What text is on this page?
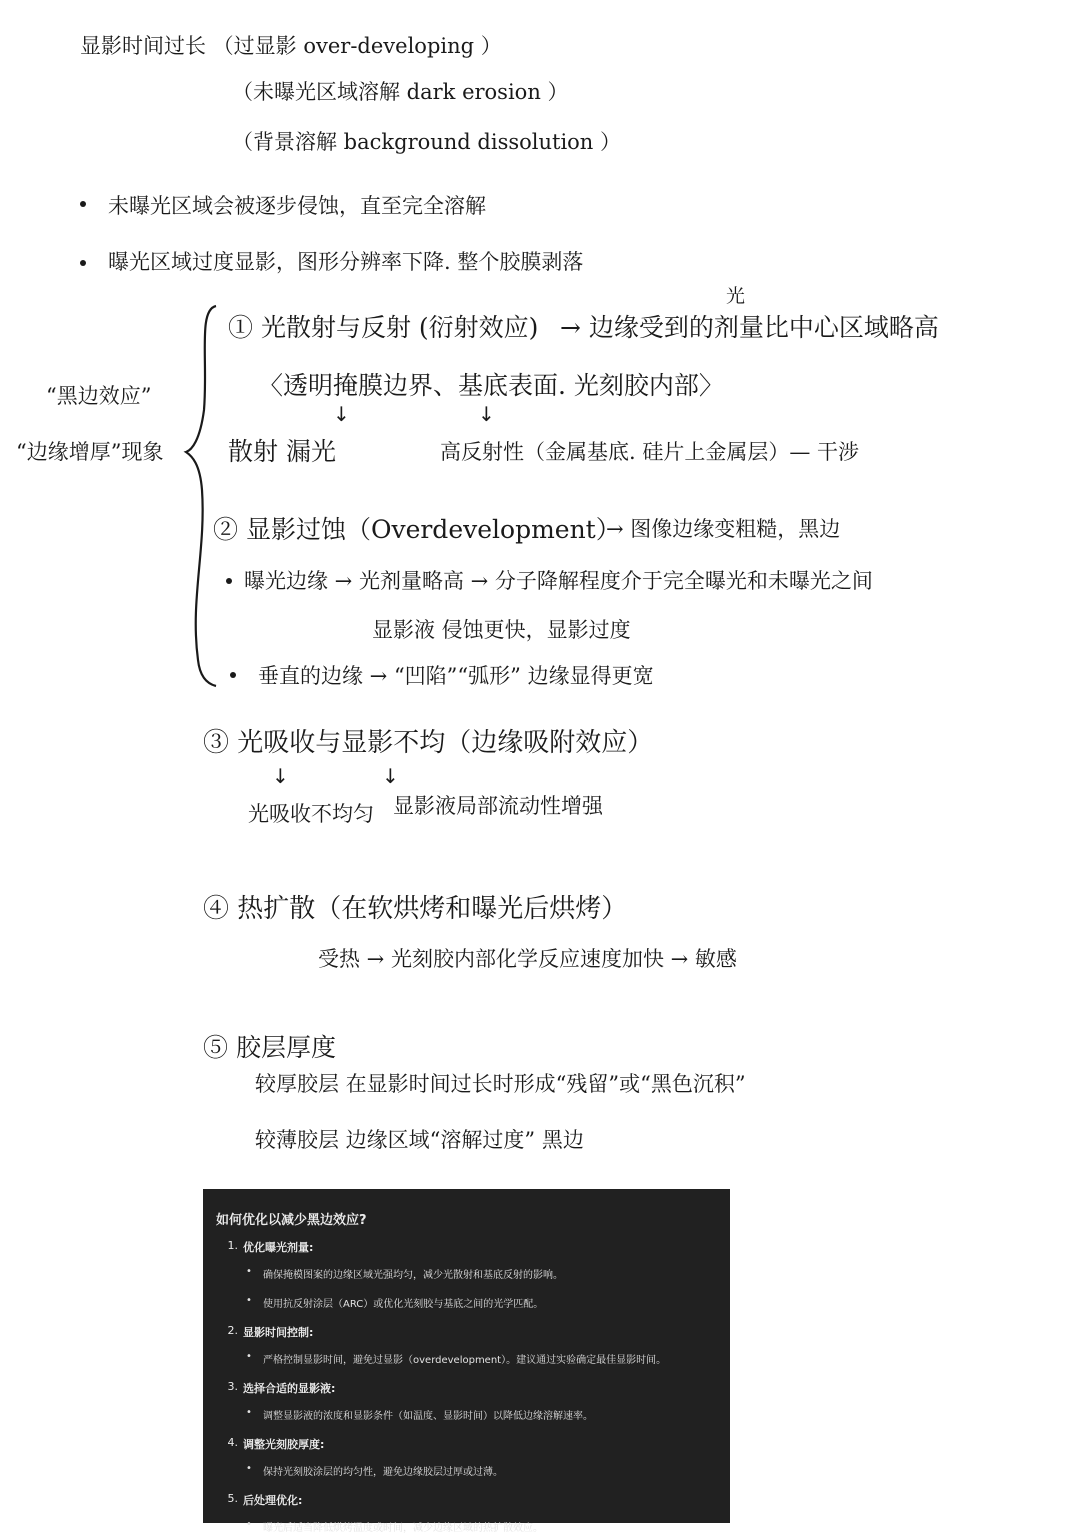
显影时间过长 （过显影 over-developing ）
（未曝光区域溶解 dark erosion ）
（背景溶解 background dissolution ）
未曝光区域会被逐步侵蚀，直至完全溶解
曝光区域过度显影，图形分辨率下降. 整个胶膜剥落
“黑边效应”
“边缘增厚”现象
① 光散射与反射 (衍射效应) → 边缘受到的剂量比中心区域略高
光
〈透明掩膜边界、基底表面. 光刻胶内部〉
↓	↓
散射 漏光	高反射性（金属基底. 硅片上金属层）— 干涉
② 显影过蚀（Overdevelopment）
→ 图像边缘变粗糙，黑边
曝光边缘 → 光剂量略高 → 分子降解程度介于完全曝光和未曝光之间
显影液 侵蚀更快，显影过度
垂直的边缘 → “凹陷”“弧形” 边缘显得更宽
③ 光吸收与显影不均（边缘吸附效应）
↓	↓
光吸收不均匀 显影液局部流动性增强
④ 热扩散（在软烘烤和曝光后烘烤）
受热 → 光刻胶内部化学反应速度加快 → 敏感
⑤ 胶层厚度
较厚胶层 在显影时间过长时形成“残留”或“黑色沉积”
较薄胶层 边缘区域“溶解过度” 黑边
如何优化以减少黑边效应?
1. 优化曝光剂量:
•	确保掩模图案的边缘区域光强均匀，减少光散射和基底反射的影响。
•	使用抗反射涂层（ARC）或优化光刻胶与基底之间的光学匹配。
2. 显影时间控制:
•	严格控制显影时间，避免过显影（overdevelopment）。建议通过实验确定最佳显影时间。
3. 选择合适的显影液:
•	调整显影液的浓度和显影条件（如温度、显影时间）以降低边缘溶解速率。
4. 调整光刻胶厚度:
•	保持光刻胶涂层的均匀性，避免边缘胶层过厚或过薄。
5. 后处理优化:
•	曝光后适当降低烘烤温度或时间，减少边缘区域的热扩散效应。
